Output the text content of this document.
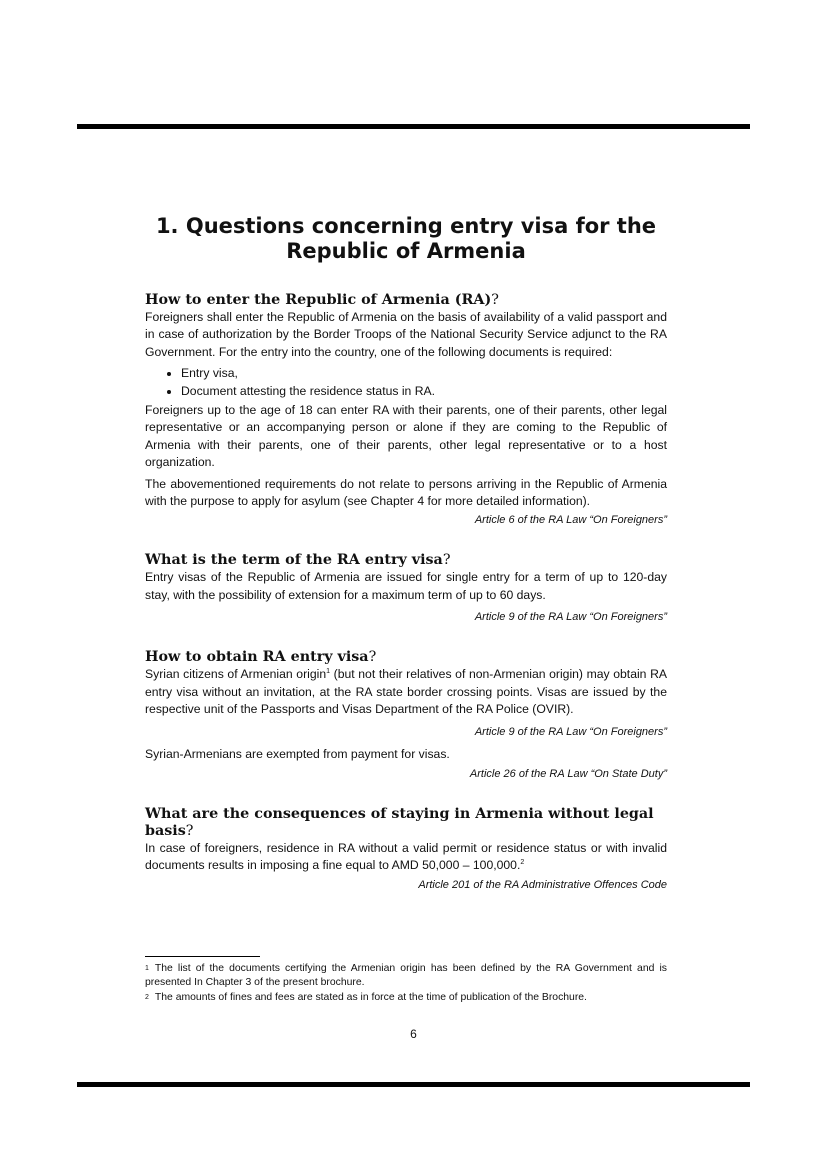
1. Questions concerning entry visa for the
Republic of Armenia

How to enter the Republic of Armenia (RA)?

Foreigners shall enter the Republic of Armenia on the basis of availability of a valid passport and in case of authorization by the Border Troops of the National Security Service adjunct to the RA Government. For the entry into the country, one of the following documents is required:

• Entry visa,
• Document attesting the residence status in RA.

Foreigners up to the age of 18 can enter RA with their parents, one of their parents, other legal representative or an accompanying person or alone if they are coming to the Republic of Armenia with their parents, one of their parents, other legal representative or to a host organization.

The abovementioned requirements do not relate to persons arriving in the Republic of Armenia with the purpose to apply for asylum (see Chapter 4 for more detailed information).

Article 6 of the RA Law “On Foreigners”

What is the term of the RA entry visa?

Entry visas of the Republic of Armenia are issued for single entry for a term of up to 120-day stay, with the possibility of extension for a maximum term of up to 60 days.

Article 9 of the RA Law “On Foreigners”

How to obtain RA entry visa?

Syrian citizens of Armenian origin$^1$ (but not their relatives of non-Armenian origin) may obtain RA entry visa without an invitation, at the RA state border crossing points. Visas are issued by the respective unit of the Passports and Visas Department of the RA Police (OVIR).

Article 9 of the RA Law “On Foreigners”

Syrian-Armenians are exempted from payment for visas.

Article 26 of the RA Law “On State Duty”

What are the consequences of staying in Armenia without legal basis?

In case of foreigners, residence in RA without a valid permit or residence status or with invalid documents results in imposing a fine equal to AMD 50,000 – 100,000.$^2$

Article 201 of the RA Administrative Offences Code

$^1$ The list of the documents certifying the Armenian origin has been defined by the RA Government and is presented In Chapter 3 of the present brochure.

$^2$ The amounts of fines and fees are stated as in force at the time of publication of the Brochure.

6
